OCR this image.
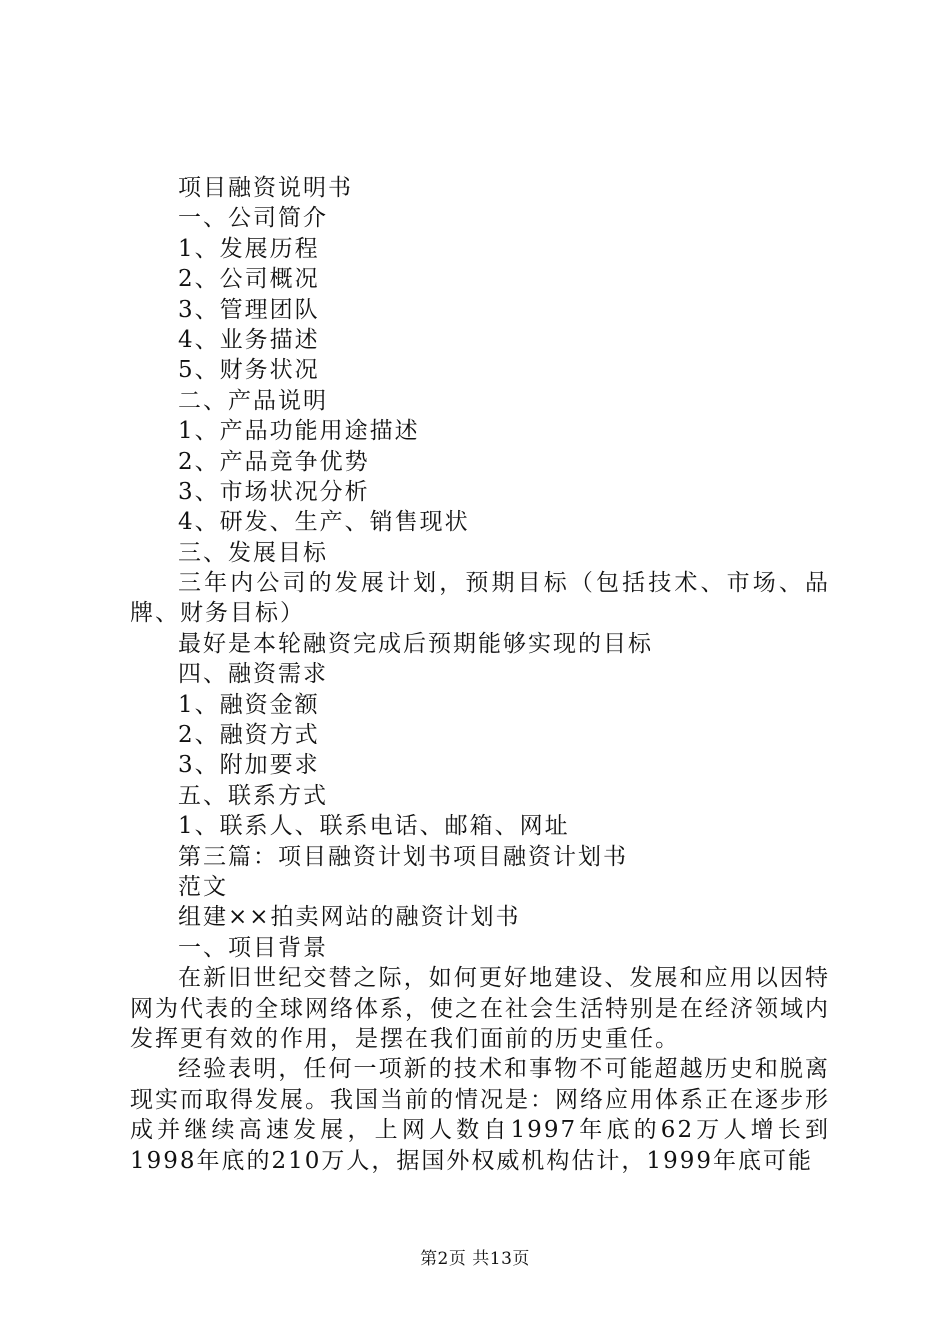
项目融资说明书
一、公司简介
1、发展历程
2、公司概况
3、管理团队
4、业务描述
5、财务状况
二、产品说明
1、产品功能用途描述
2、产品竞争优势
3、市场状况分析
4、研发、生产、销售现状
三、发展目标

三年内公司的发展计划，预期目标（包括技术、市场、品牌、财务目标）

最好是本轮融资完成后预期能够实现的目标
四、融资需求
1、融资金额
2、融资方式
3、附加要求
五、联系方式
1、联系人、联系电话、邮箱、网址
第三篇：项目融资计划书项目融资计划书
范文
组建××拍卖网站的融资计划书
一、项目背景

在新旧世纪交替之际，如何更好地建设、发展和应用以因特网为代表的全球网络体系，使之在社会生活特别是在经济领域内发挥更有效的作用，是摆在我们面前的历史重任。

经验表明，任何一项新的技术和事物不可能超越历史和脱离现实而取得发展。我国当前的情况是：网络应用体系正在逐步形成并继续高速发展，上网人数自1997年底的62万人增长到1998年底的210万人，据国外权威机构估计，1999年底可能

第2页 共13页
